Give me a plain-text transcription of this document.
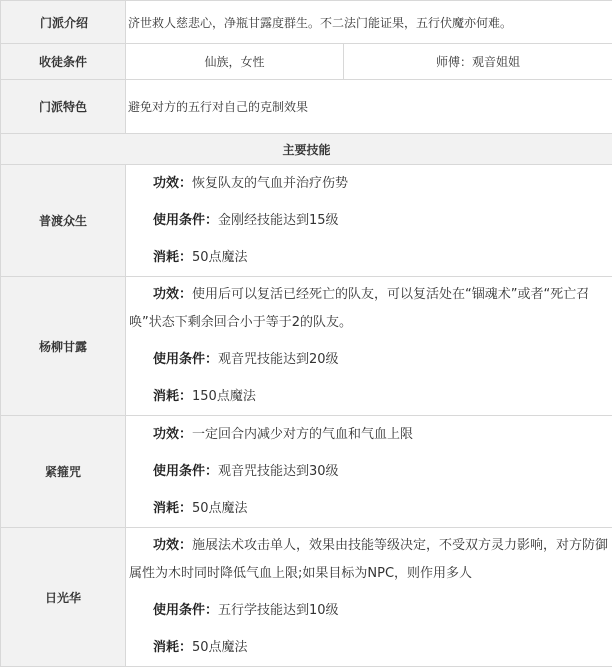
门派介绍	济世救人慈悲心，净瓶甘露度群生。不二法门能证果，五行伏魔亦何难。	
收徒条件	仙族，女性	师傅：观音姐姐
门派特色	避免对方的五行对自己的克制效果	
主要技能		
普渡众生	功效：恢复队友的气血并治疗伤势
使用条件：金刚经技能达到15级
消耗：50点魔法	

杨柳甘露	功效：使用后可以复活已经死亡的队友，可以复活处在“锢魂术”或者“死亡召唤”状态下剩余回合小于等于2的队友。
使用条件：观音咒技能达到20级
消耗：150点魔法	

紧箍咒	功效：一定回合内减少对方的气血和气血上限
使用条件：观音咒技能达到30级
消耗：50点魔法	

日光华	功效：施展法术攻击单人，效果由技能等级决定，不受双方灵力影响，对方防御属性为木时同时降低气血上限;如果目标为NPC，则作用多人
使用条件：五行学技能达到10级
消耗：50点魔法	
